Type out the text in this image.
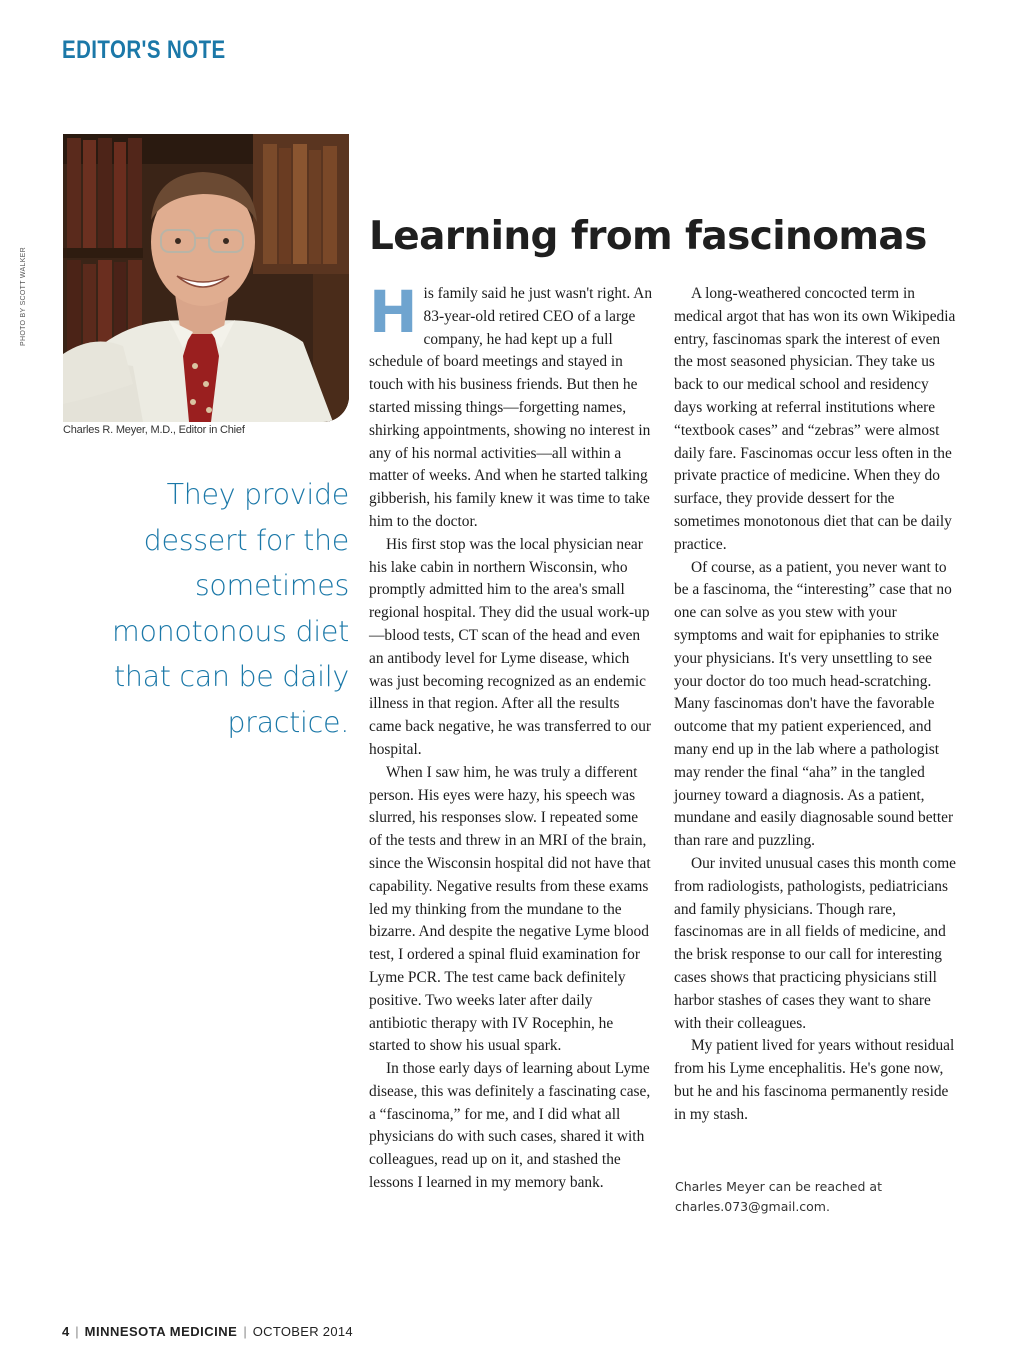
EDITOR'S NOTE
PHOTO BY SCOTT WALKER
Charles R. Meyer, M.D., Editor in Chief
They provide dessert for the sometimes monotonous diet that can be daily practice.
Learning from fascinomas

His family said he just wasn't right. An 83-year-old retired CEO of a large company, he had kept up a full schedule of board meetings and stayed in touch with his business friends. But then he started missing things—forgetting names, shirking appointments, showing no interest in any of his normal activities—all within a matter of weeks. And when he started talking gibberish, his family knew it was time to take him to the doctor.

His first stop was the local physician near his lake cabin in northern Wisconsin, who promptly admitted him to the area's small regional hospital. They did the usual work-up—blood tests, CT scan of the head and even an antibody level for Lyme disease, which was just becoming recognized as an endemic illness in that region. After all the results came back negative, he was transferred to our hospital.

When I saw him, he was truly a different person. His eyes were hazy, his speech was slurred, his responses slow. I repeated some of the tests and threw in an MRI of the brain, since the Wisconsin hospital did not have that capability. Negative results from these exams led my thinking from the mundane to the bizarre. And despite the negative Lyme blood test, I ordered a spinal fluid examination for Lyme PCR. The test came back definitely positive. Two weeks later after daily antibiotic therapy with IV Rocephin, he started to show his usual spark.

In those early days of learning about Lyme disease, this was definitely a fascinating case, a “fascinoma,” for me, and I did what all physicians do with such cases, shared it with colleagues, read up on it, and stashed the lessons I learned in my memory bank.

A long-weathered concocted term in medical argot that has won its own Wikipedia entry, fascinomas spark the interest of even the most seasoned physician. They take us back to our medical school and residency days working at referral institutions where “textbook cases” and “zebras” were almost daily fare. Fascinomas occur less often in the private practice of medicine. When they do surface, they provide dessert for the sometimes monotonous diet that can be daily practice.

Of course, as a patient, you never want to be a fascinoma, the “interesting” case that no one can solve as you stew with your symptoms and wait for epiphanies to strike your physicians. It's very unsettling to see your doctor do too much head-scratching. Many fascinomas don't have the favorable outcome that my patient experienced, and many end up in the lab where a pathologist may render the final “aha” in the tangled journey toward a diagnosis. As a patient, mundane and easily diagnosable sound better than rare and puzzling.

Our invited unusual cases this month come from radiologists, pathologists, pediatricians and family physicians. Though rare, fascinomas are in all fields of medicine, and the brisk response to our call for interesting cases shows that practicing physicians still harbor stashes of cases they want to share with their colleagues.

My patient lived for years without residual from his Lyme encephalitis. He's gone now, but he and his fascinoma permanently reside in my stash.

Charles Meyer can be reached at
charles.073@gmail.com.
4 | MINNESOTA MEDICINE | OCTOBER 2014
